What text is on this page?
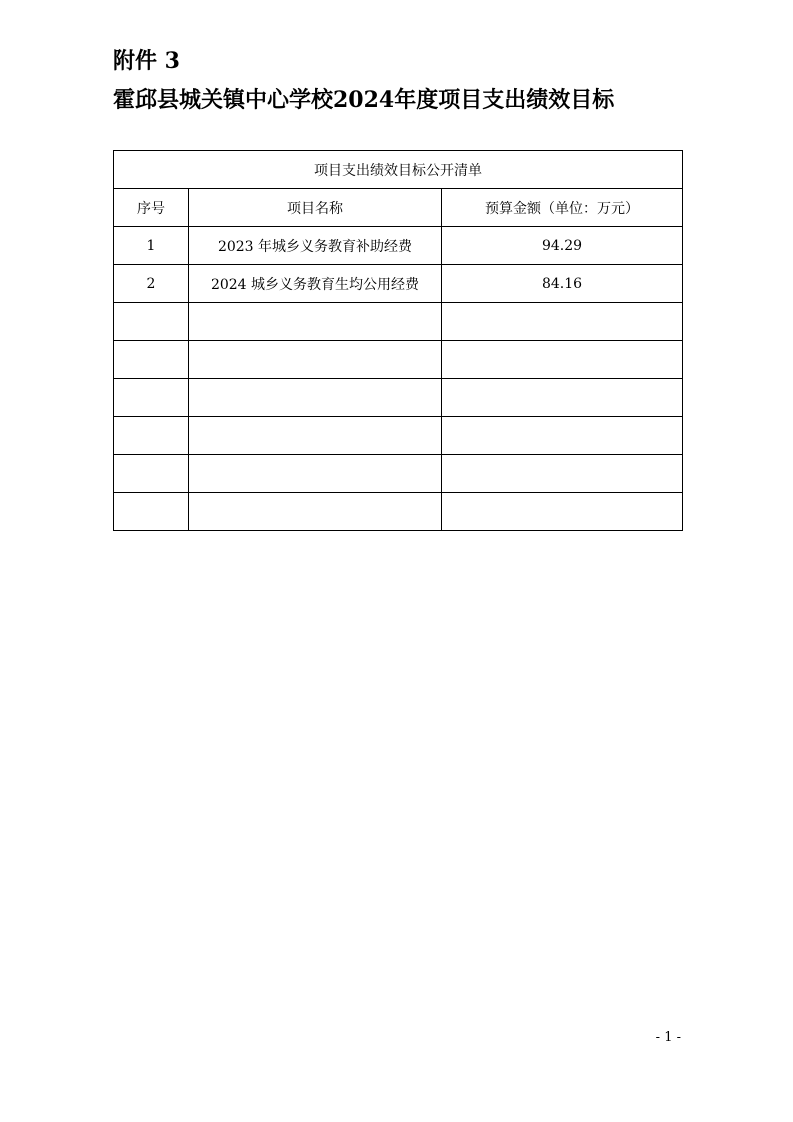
附件 3
霍邱县城关镇中心学校2024年度项目支出绩效目标
项目支出绩效目标公开清单		
序号	项目名称	预算金额（单位：万元）
1	2023 年城乡义务教育补助经费	94.29
2	2024 城乡义务教育生均公用经费	84.16

- 1 -
